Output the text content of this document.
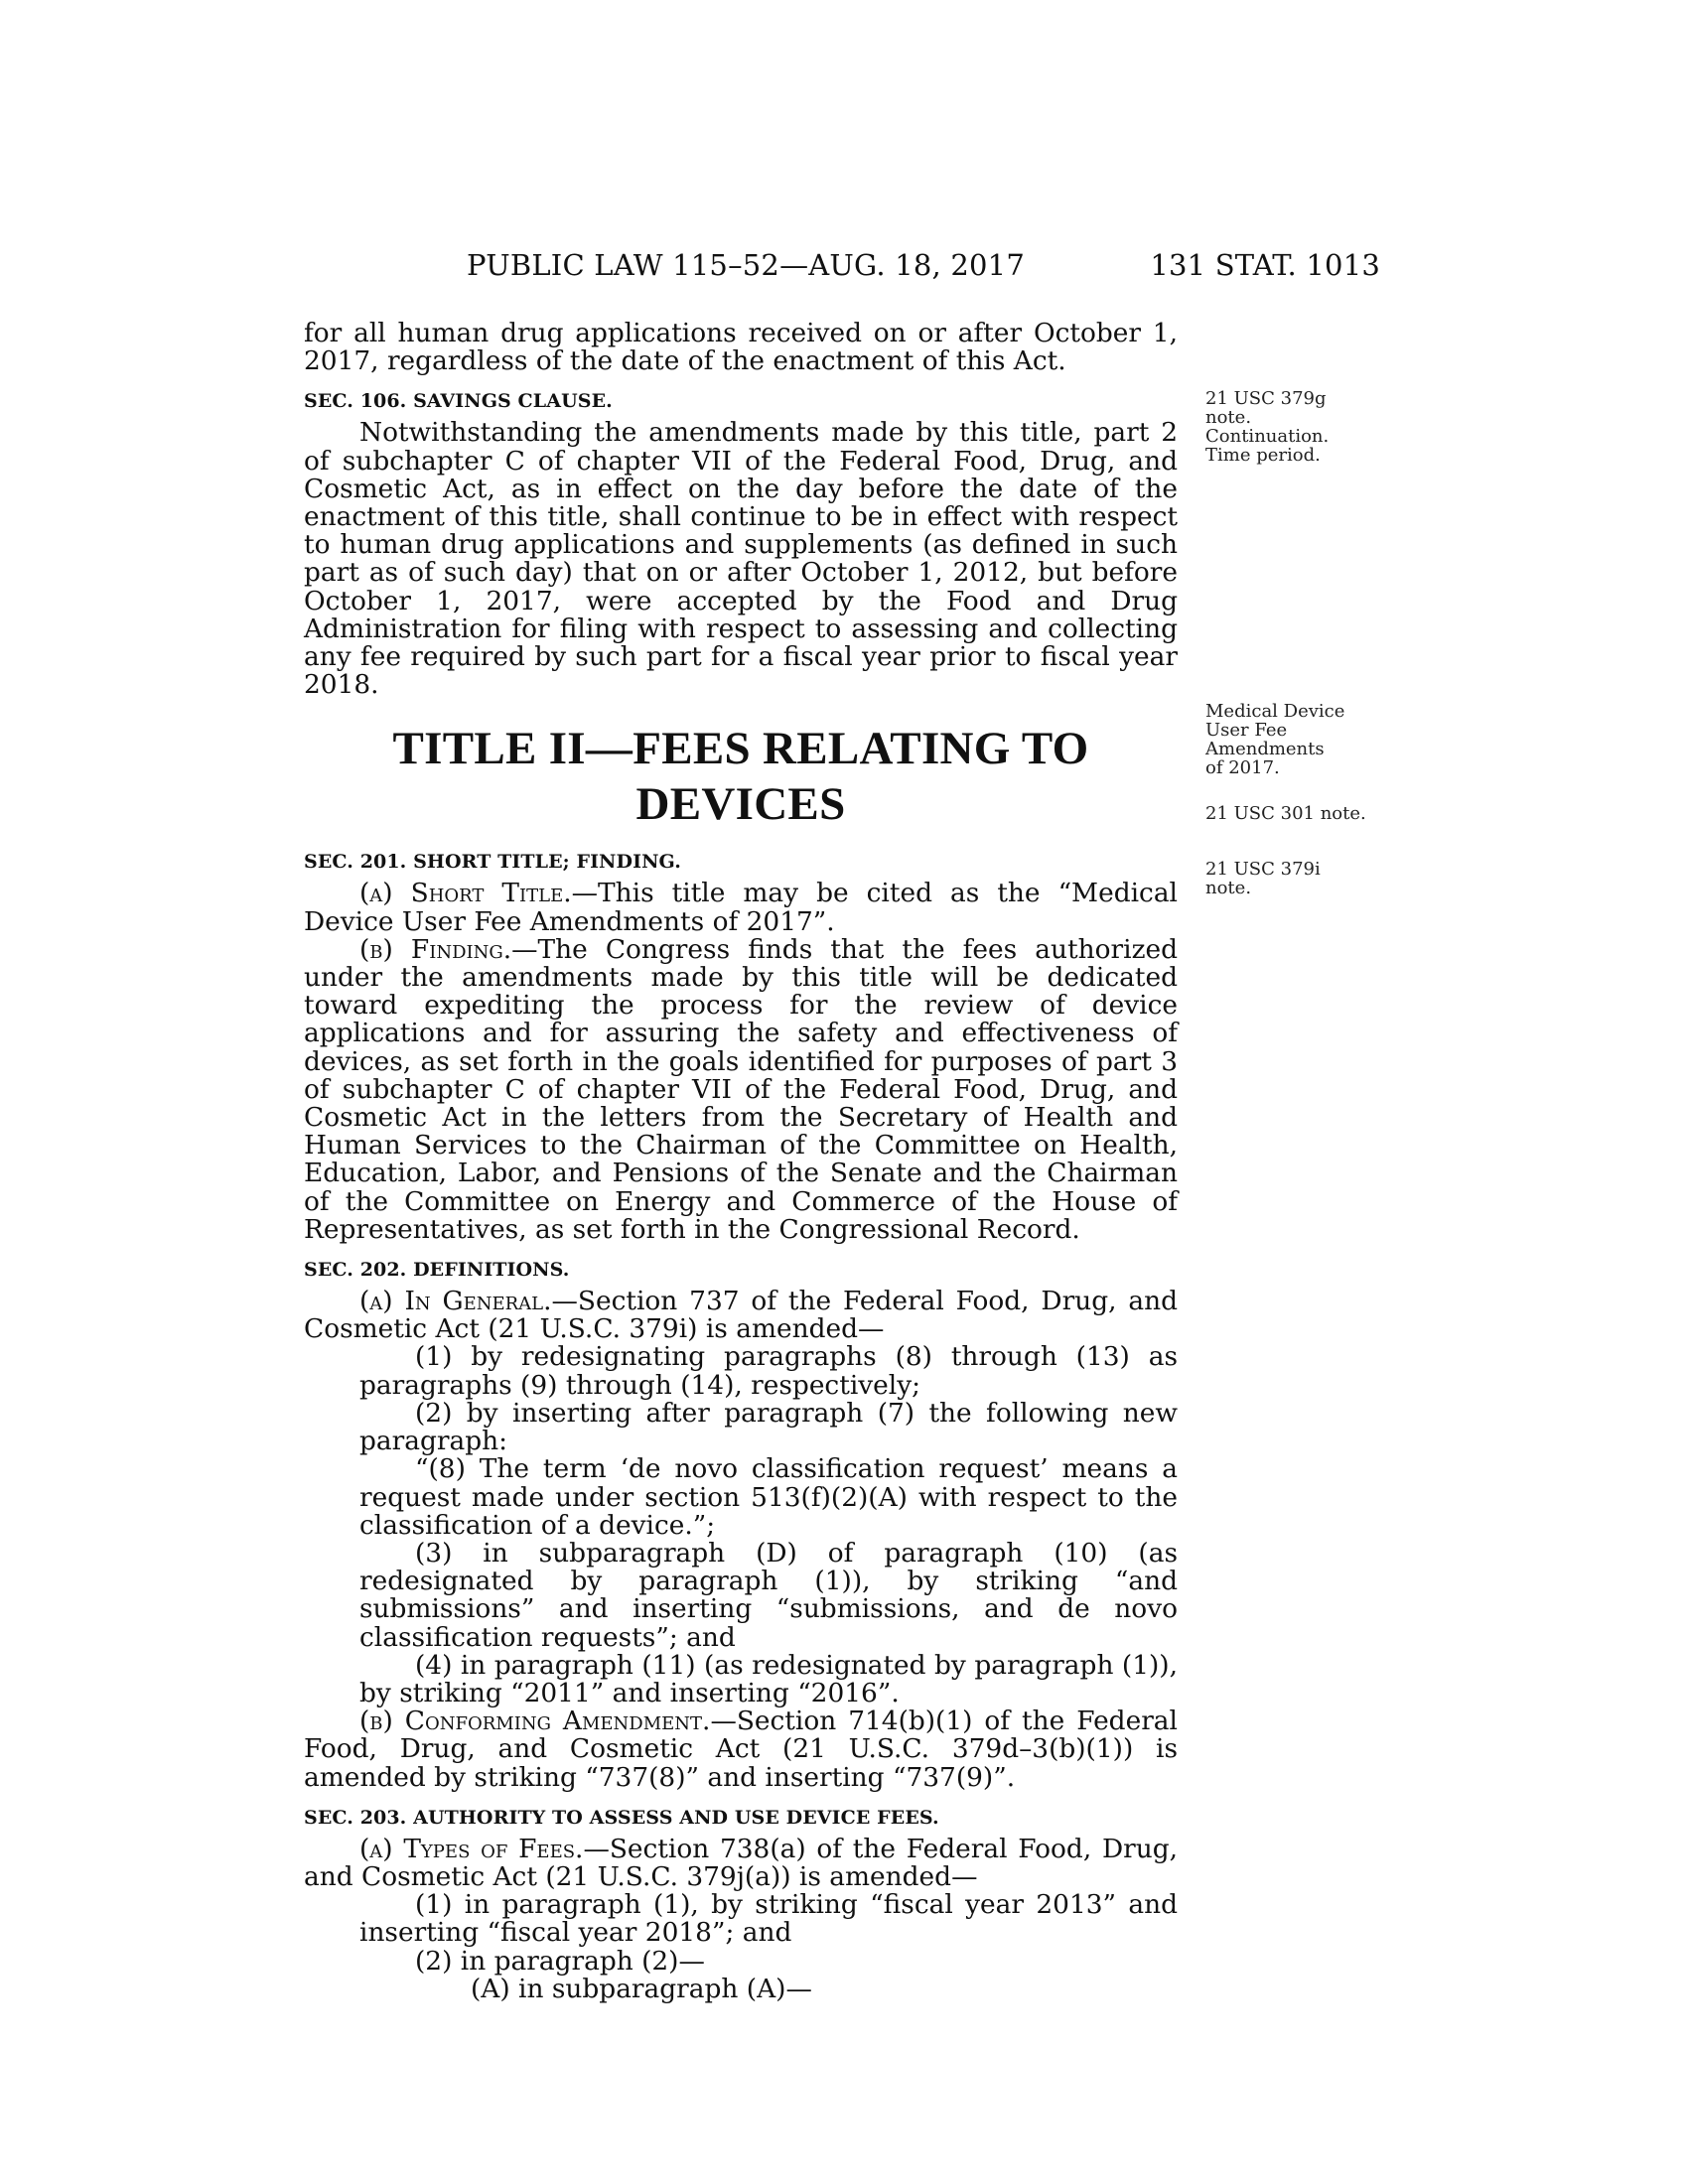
PUBLIC LAW 115–52—AUG. 18, 2017	131 STAT. 1013

for all human drug applications received on or after October 1, 2017, regardless of the date of the enactment of this Act.

SEC. 106. SAVINGS CLAUSE.

Notwithstanding the amendments made by this title, part 2 of subchapter C of chapter VII of the Federal Food, Drug, and Cosmetic Act, as in effect on the day before the date of the enactment of this title, shall continue to be in effect with respect to human drug applications and supplements (as defined in such part as of such day) that on or after October 1, 2012, but before October 1, 2017, were accepted by the Food and Drug Administration for filing with respect to assessing and collecting any fee required by such part for a fiscal year prior to fiscal year 2018.

TITLE II—FEES RELATING TO DEVICES
SEC. 201. SHORT TITLE; FINDING.

(a) Short Title.—This title may be cited as the “Medical Device User Fee Amendments of 2017”.

(b) Finding.—The Congress finds that the fees authorized under the amendments made by this title will be dedicated toward expediting the process for the review of device applications and for assuring the safety and effectiveness of devices, as set forth in the goals identified for purposes of part 3 of subchapter C of chapter VII of the Federal Food, Drug, and Cosmetic Act in the letters from the Secretary of Health and Human Services to the Chairman of the Committee on Health, Education, Labor, and Pensions of the Senate and the Chairman of the Committee on Energy and Commerce of the House of Representatives, as set forth in the Congressional Record.

SEC. 202. DEFINITIONS.

(a) In General.—Section 737 of the Federal Food, Drug, and Cosmetic Act (21 U.S.C. 379i) is amended—

(1) by redesignating paragraphs (8) through (13) as paragraphs (9) through (14), respectively;

(2) by inserting after paragraph (7) the following new paragraph:

“(8) The term ‘de novo classification request’ means a request made under section 513(f)(2)(A) with respect to the classification of a device.”;

(3) in subparagraph (D) of paragraph (10) (as redesignated by paragraph (1)), by striking “and submissions” and inserting “submissions, and de novo classification requests”; and

(4) in paragraph (11) (as redesignated by paragraph (1)), by striking “2011” and inserting “2016”.

(b) Conforming Amendment.—Section 714(b)(1) of the Federal Food, Drug, and Cosmetic Act (21 U.S.C. 379d–3(b)(1)) is amended by striking “737(8)” and inserting “737(9)”.

SEC. 203. AUTHORITY TO ASSESS AND USE DEVICE FEES.

(a) Types of Fees.—Section 738(a) of the Federal Food, Drug, and Cosmetic Act (21 U.S.C. 379j(a)) is amended—

(1) in paragraph (1), by striking “fiscal year 2013” and inserting “fiscal year 2018”; and

(2) in paragraph (2)—

(A) in subparagraph (A)—

21 USC 379g
note.
Continuation.
Time period.
Medical Device
User Fee
Amendments
of 2017.
21 USC 301 note.
21 USC 379i
note.
